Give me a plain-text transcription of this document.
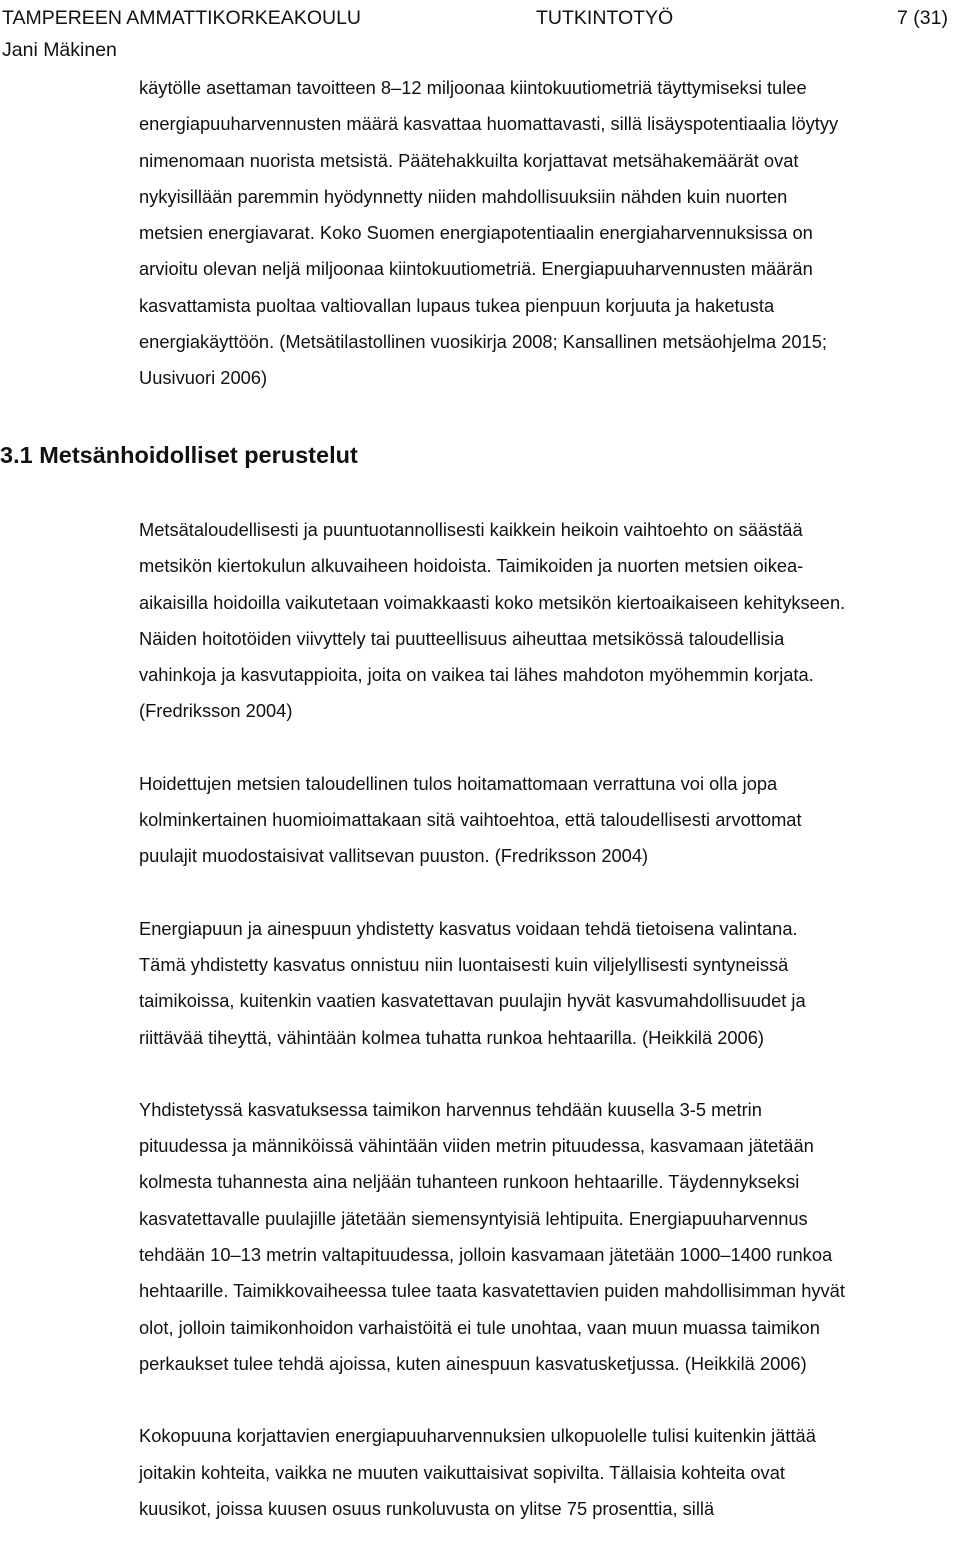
TAMPEREEN AMMATTIKORKEAKOULU	TUTKINTOTYÖ	7 (31)
Jani Mäkinen

käytölle asettaman tavoitteen 8–12 miljoonaa kiintokuutiometriä täyttymiseksi tulee
energiapuuharvennusten määrä kasvattaa huomattavasti, sillä lisäyspotentiaalia löytyy
nimenomaan nuorista metsistä. Päätehakkuilta korjattavat metsähakemäärät ovat
nykyisillään paremmin hyödynnetty niiden mahdollisuuksiin nähden kuin nuorten
metsien energiavarat. Koko Suomen energiapotentiaalin energiaharvennuksissa on
arvioitu olevan neljä miljoonaa kiintokuutiometriä. Energiapuuharvennusten määrän
kasvattamista puoltaa valtiovallan lupaus tukea pienpuun korjuuta ja haketusta
energiakäyttöön. (Metsätilastollinen vuosikirja 2008; Kansallinen metsäohjelma 2015;
Uusivuori 2006)

3.1 Metsänhoidolliset perustelut

Metsätaloudellisesti ja puuntuotannollisesti kaikkein heikoin vaihtoehto on säästää
metsikön kiertokulun alkuvaiheen hoidoista. Taimikoiden ja nuorten metsien oikea-
aikaisilla hoidoilla vaikutetaan voimakkaasti koko metsikön kiertoaikaiseen kehitykseen.
Näiden hoitotöiden viivyttely tai puutteellisuus aiheuttaa metsikössä taloudellisia
vahinkoja ja kasvutappioita, joita on vaikea tai lähes mahdoton myöhemmin korjata.
(Fredriksson 2004)

Hoidettujen metsien taloudellinen tulos hoitamattomaan verrattuna voi olla jopa
kolminkertainen huomioimattakaan sitä vaihtoehtoa, että taloudellisesti arvottomat
puulajit muodostaisivat vallitsevan puuston. (Fredriksson 2004)

Energiapuun ja ainespuun yhdistetty kasvatus voidaan tehdä tietoisena valintana.
Tämä yhdistetty kasvatus onnistuu niin luontaisesti kuin viljelyllisesti syntyneissä
taimikoissa, kuitenkin vaatien kasvatettavan puulajin hyvät kasvumahdollisuudet ja
riittävää tiheyttä, vähintään kolmea tuhatta runkoa hehtaarilla. (Heikkilä 2006)

Yhdistetyssä kasvatuksessa taimikon harvennus tehdään kuusella 3-5 metrin
pituudessa ja männiköissä vähintään viiden metrin pituudessa, kasvamaan jätetään
kolmesta tuhannesta aina neljään tuhanteen runkoon hehtaarille. Täydennykseksi
kasvatettavalle puulajille jätetään siemensyntyisiä lehtipuita. Energiapuuharvennus
tehdään 10–13 metrin valtapituudessa, jolloin kasvamaan jätetään 1000–1400 runkoa
hehtaarille. Taimikkovaiheessa tulee taata kasvatettavien puiden mahdollisimman hyvät
olot, jolloin taimikonhoidon varhaistöitä ei tule unohtaa, vaan muun muassa taimikon
perkaukset tulee tehdä ajoissa, kuten ainespuun kasvatusketjussa. (Heikkilä 2006)

Kokopuuna korjattavien energiapuuharvennuksien ulkopuolelle tulisi kuitenkin jättää
joitakin kohteita, vaikka ne muuten vaikuttaisivat sopivilta. Tällaisia kohteita ovat
kuusikot, joissa kuusen osuus runkoluvusta on ylitse 75 prosenttia, sillä
